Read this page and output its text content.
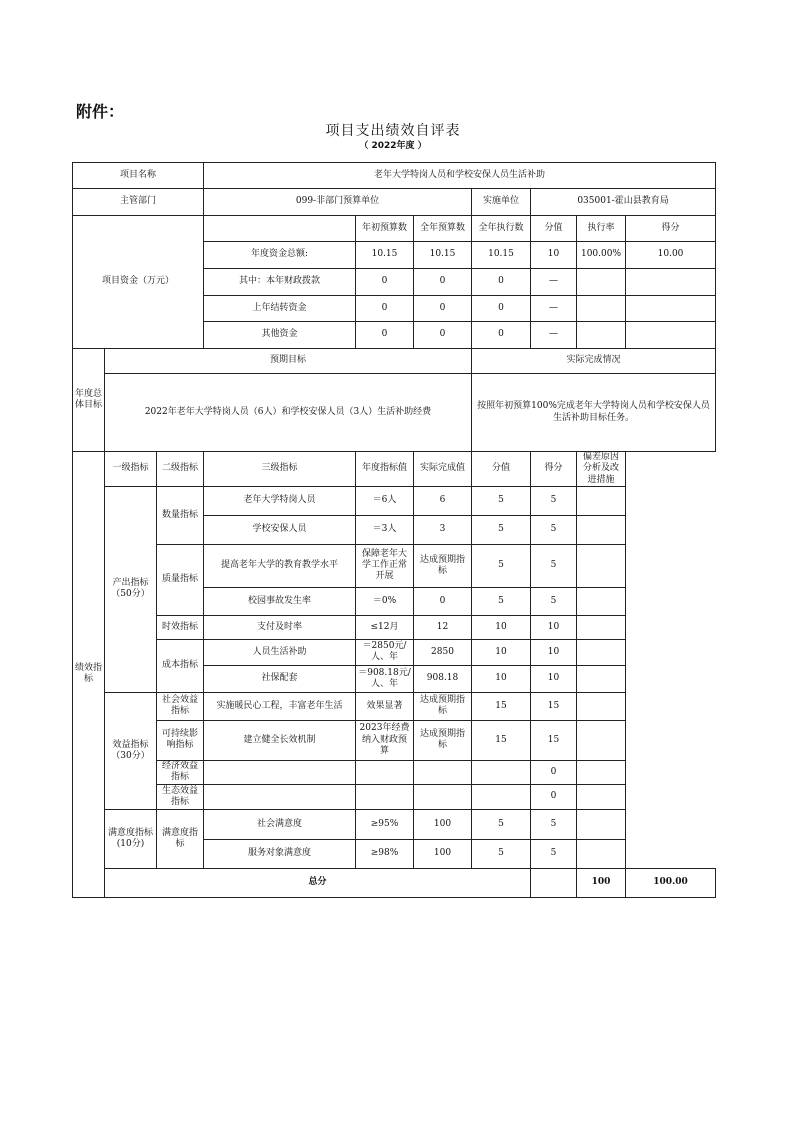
附件：
项目支出绩效自评表
（ 2022年度 ）
项目名称			老年大学特岗人员和学校安保人员生活补助							
主管部门			099-非部门预算单位			实施单位	035001-霍山县教育局			
项目资金（万元）				年初预算数	全年预算数	全年执行数	分值	执行率	得分	
			年度资金总额:	10.15	10.15	10.15	10	100.00%	10.00	
			其中：本年财政拨款	0	0	0	—			
			上年结转资金	0	0	0	—			
			其他资金	0	0	0	—			
年度总体目标	预期目标					实际完成情况				
	2022年老年大学特岗人员（6人）和学校安保人员（3人）生活补助经费					按照年初预算100%完成老年大学特岗人员和学校安保人员生活补助目标任务。				
绩效指标	一级指标	二级指标	三级指标	年度指标值	实际完成值	分值	得分	偏差原因分析及改进措施		
	产出指标（50分）	数量指标	老年大学特岗人员	＝6人	6	5	5			
			学校安保人员	＝3人	3	5	5			
		质量指标	提高老年大学的教育教学水平	保障老年大学工作正常开展	达成预期指标	5	5			
			校园事故发生率	＝0%	0	5	5			
		时效指标	支付及时率	≤12月	12	10	10			
		成本指标	人员生活补助	＝2850元/人、年	2850	10	10			
			社保配套	＝908.18元/人、年	908.18	10	10			
	效益指标（30分）	社会效益指标	实施暖民心工程，丰富老年生活	效果显著	达成预期指标	15	15			
		可持续影响指标	建立健全长效机制	2023年经费纳入财政预算	达成预期指标	15	15			
		经济效益指标					0			
		生态效益指标					0			
	满意度指标(10分)	满意度指标	社会满意度	≥95%	100	5	5			
			服务对象满意度	≥98%	100	5	5			
	总分							100	100.00	
